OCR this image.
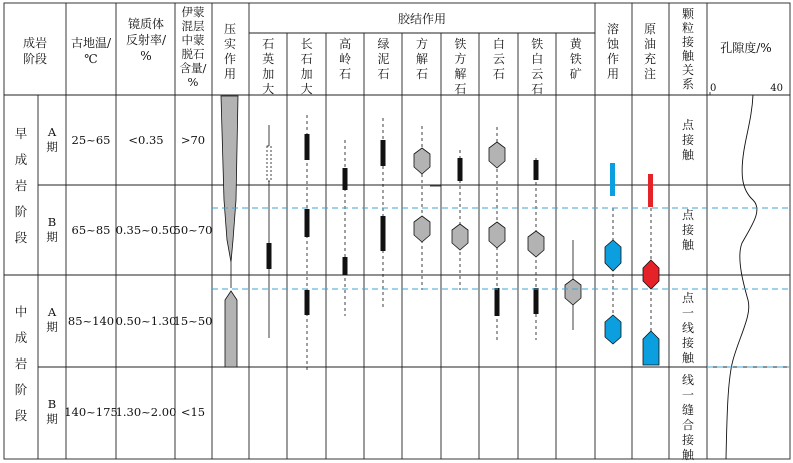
成岩阶段
古地温/ ℃
镜质体反射率/ %
伊蒙混层中蒙脱石含量/ %
压实作用
胶结作用
石英加大
长石加大
高岭石
绿泥石
方解石
铁方解石
白云石
铁白云石
黄铁矿
溶蚀作用
原油充注
颗粒接触关系
孔隙度/%
0	40
早成岩阶段
中成岩阶段
A 期
B 期
A 期
B 期
25~65
65~85
85~140
140~175
<0.35
0.35~0.50
0.50~1.30
1.30~2.00
>70
50~70
15~50
<15
点接触
点接触
点一线接触
线一缝合接触
